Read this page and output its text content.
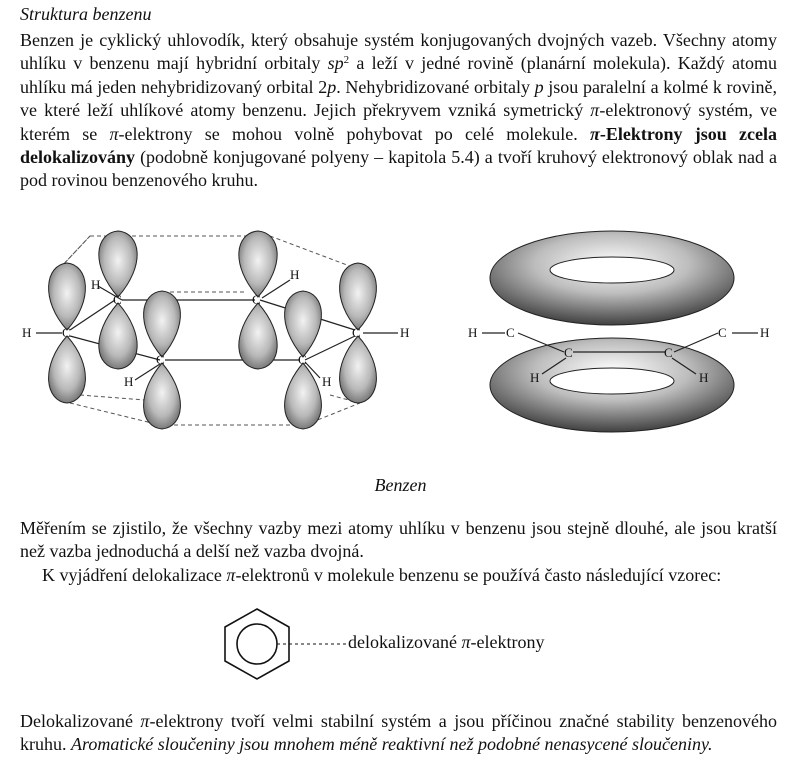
Struktura benzenu

Benzen je cyklický uhlovodík, který obsahuje systém konjugovaných dvojných vazeb. Všechny atomy uhlíku v benzenu mají hybridní orbitaly $sp^2$ a leží v jedné rovině (planární molekula). Každý atomu uhlíku má jeden nehybridizovaný orbital 2p. Nehybridizované orbitaly p jsou paralelní a kolmé k rovině, ve které leží uhlíkové atomy benzenu. Jejich překryvem vzniká symetrický π-elektronový systém, ve kterém se π-elektrony se mohou volně pohybovat po celé molekule. π-Elektrony jsou zcela delokalizovány (podobně konjugované polyeny – kapitola 5.4) a tvoří kruhový elektronový oblak nad a pod rovinou benzenového kruhu.

H C
H
C
C
H
C
H
C
H
C	H	H C
C	C
H	H
C	H
Benzen

Měřením se zjistilo, že všechny vazby mezi atomy uhlíku v benzenu jsou stejně dlouhé, ale jsou kratší než vazba jednoduchá a delší než vazba dvojná.
K vyjádření delokalizace π-elektronů v molekule benzenu se používá často následující vzorec:

delokalizované π-elektrony

Delokalizované π-elektrony tvoří velmi stabilní systém a jsou příčinou značné stability benzenového kruhu. Aromatické sloučeniny jsou mnohem méně reaktivní než podobné nenasycené sloučeniny.
